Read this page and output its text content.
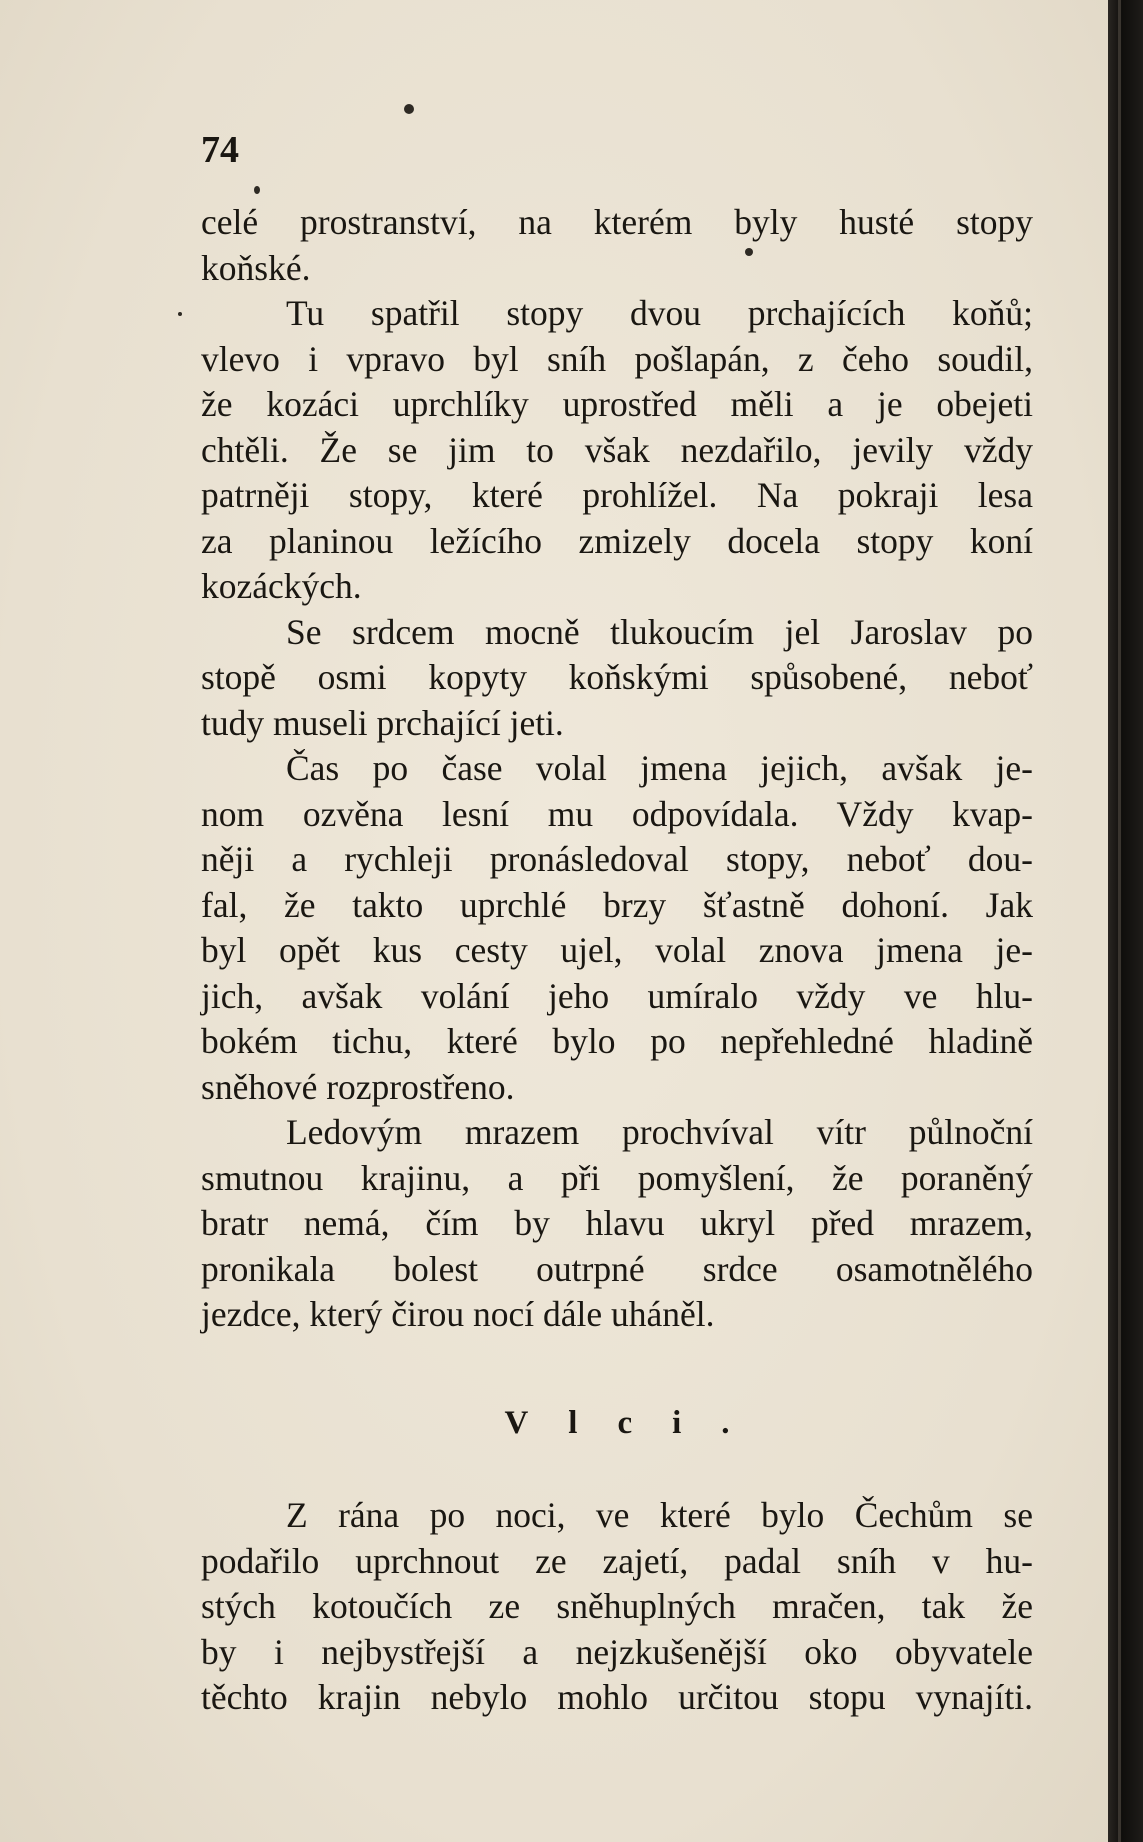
74
celé prostranství, na kterém byly husté stopy
koňské.
Tu spatřil stopy dvou prchajících koňů;
vlevo i vpravo byl sníh pošlapán, z čeho soudil,
že kozáci uprchlíky uprostřed měli a je obejeti
chtěli. Že se jim to však nezdařilo, jevily vždy
patrněji stopy, které prohlížel. Na pokraji lesa
za planinou ležícího zmizely docela stopy koní
kozáckých.
Se srdcem mocně tlukoucím jel Jaroslav po
stopě osmi kopyty koňskými spůsobené, neboť
tudy museli prchající jeti.
Čas po čase volal jmena jejich, avšak je-
nom ozvěna lesní mu odpovídala. Vždy kvap-
něji a rychleji pronásledoval stopy, neboť dou-
fal, že takto uprchlé brzy šťastně dohoní. Jak
byl opět kus cesty ujel, volal znova jmena je-
jich, avšak volání jeho umíralo vždy ve hlu-
bokém tichu, které bylo po nepřehledné hladině
sněhové rozprostřeno.
Ledovým mrazem prochvíval vítr půlnoční
smutnou krajinu, a při pomyšlení, že poraněný
bratr nemá, čím by hlavu ukryl před mrazem,
pronikala bolest outrpné srdce osamotnělého
jezdce, který čirou nocí dále uháněl.
Vlci.
Z rána po noci, ve které bylo Čechům se
podařilo uprchnout ze zajetí, padal sníh v hu-
stých kotoučích ze sněhuplných mračen, tak že
by i nejbystřejší a nejzkušenější oko obyvatele
těchto krajin nebylo mohlo určitou stopu vynajíti.
